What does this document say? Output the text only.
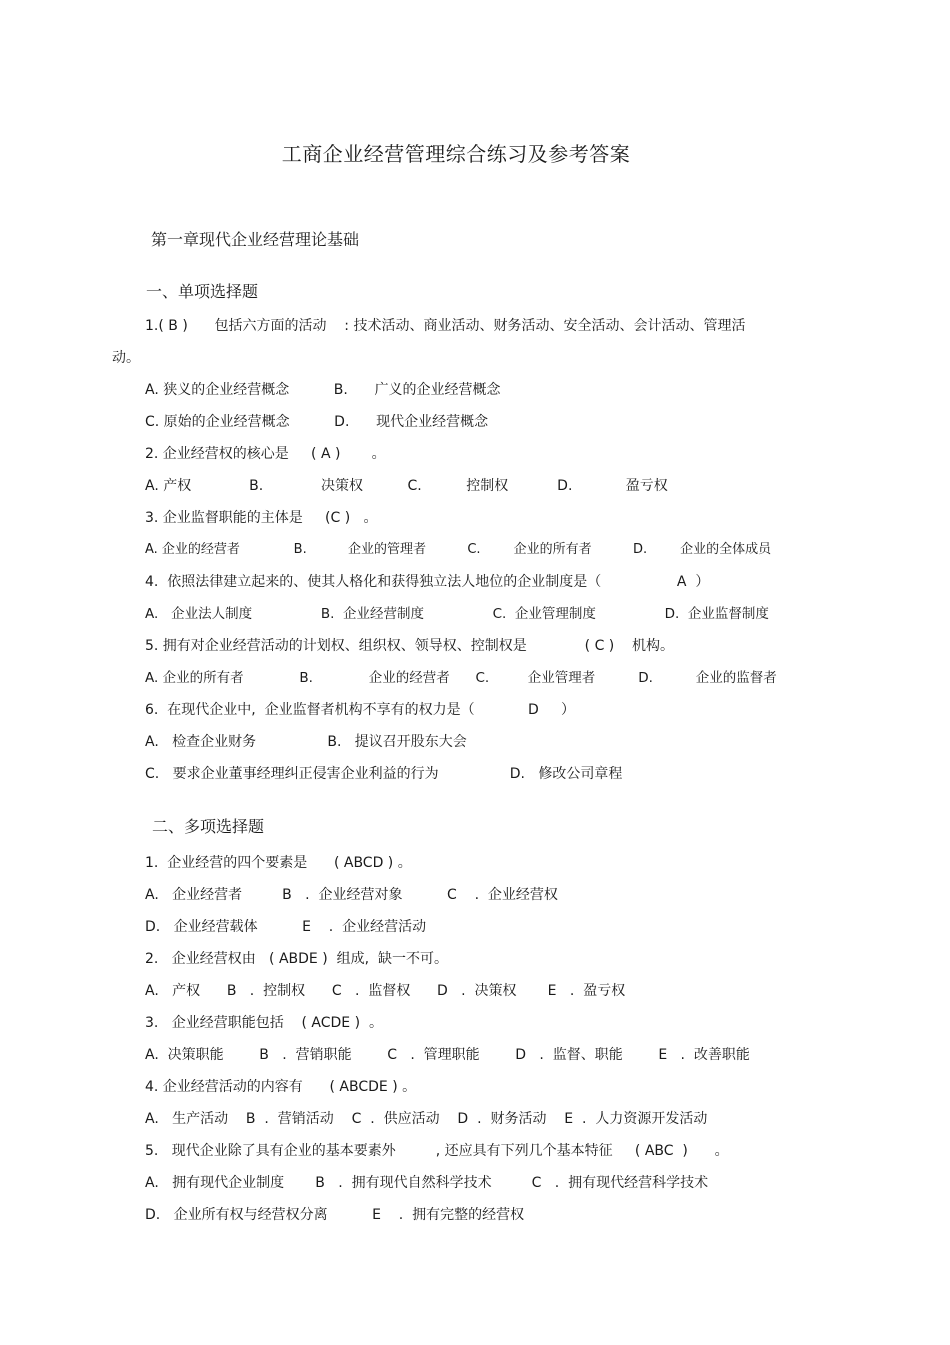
工商企业经营管理综合练习及参考答案
第一章现代企业经营理论基础
一、单项选择题
1.( B )      包括六方面的活动    : 技术活动、商业活动、财务活动、安全活动、会计活动、管理活
动。
A. 狭义的企业经营概念          B.      广义的企业经营概念
C. 原始的企业经营概念          D.      现代企业经营概念
2. 企业经营权的核心是     ( A )       。
A. 产权             B.             决策权          C.          控制权           D.            盈亏权
3. 企业监督职能的主体是     (C )   。
A. 企业的经营者             B.          企业的管理者          C.        企业的所有者          D.        企业的全体成员
4.  依照法律建立起来的、使其人格化和获得独立法人地位的企业制度是（                 A  ）
A.   企业法人制度                B.  企业经营制度                C.  企业管理制度                D.  企业监督制度
5. 拥有对企业经营活动的计划权、组织权、领导权、控制权是             ( C )    机构。
A. 企业的所有者             B.             企业的经营者      C.         企业管理者          D.          企业的监督者
6.  在现代企业中,  企业监督者机构不享有的权力是（            D     ）
A.   检查企业财务                B.   提议召开股东大会
C.   要求企业董事经理纠正侵害企业利益的行为                D.   修改公司章程
二、多项选择题
1.  企业经营的四个要素是      ( ABCD ) 。
A.   企业经营者         B   .  企业经营对象          C    .  企业经营权
D.   企业经营载体          E    .  企业经营活动
2.   企业经营权由   ( ABDE )  组成,  缺一不可。
A.   产权      B   .  控制权      C   .  监督权      D   .  决策权       E   .  盈亏权
3.   企业经营职能包括    ( ACDE )  。
A.  决策职能        B   .  营销职能        C   .  管理职能        D   .  监督、职能        E   .  改善职能
4. 企业经营活动的内容有      ( ABCDE ) 。
A.   生产活动    B  .  营销活动    C  .  供应活动    D  .  财务活动    E  .  人力资源开发活动
5.   现代企业除了具有企业的基本要素外         , 还应具有下列几个基本特征     ( ABC  )      。
A.   拥有现代企业制度       B   .  拥有现代自然科学技术         C   .  拥有现代经营科学技术
D.   企业所有权与经营权分离          E    .  拥有完整的经营权
